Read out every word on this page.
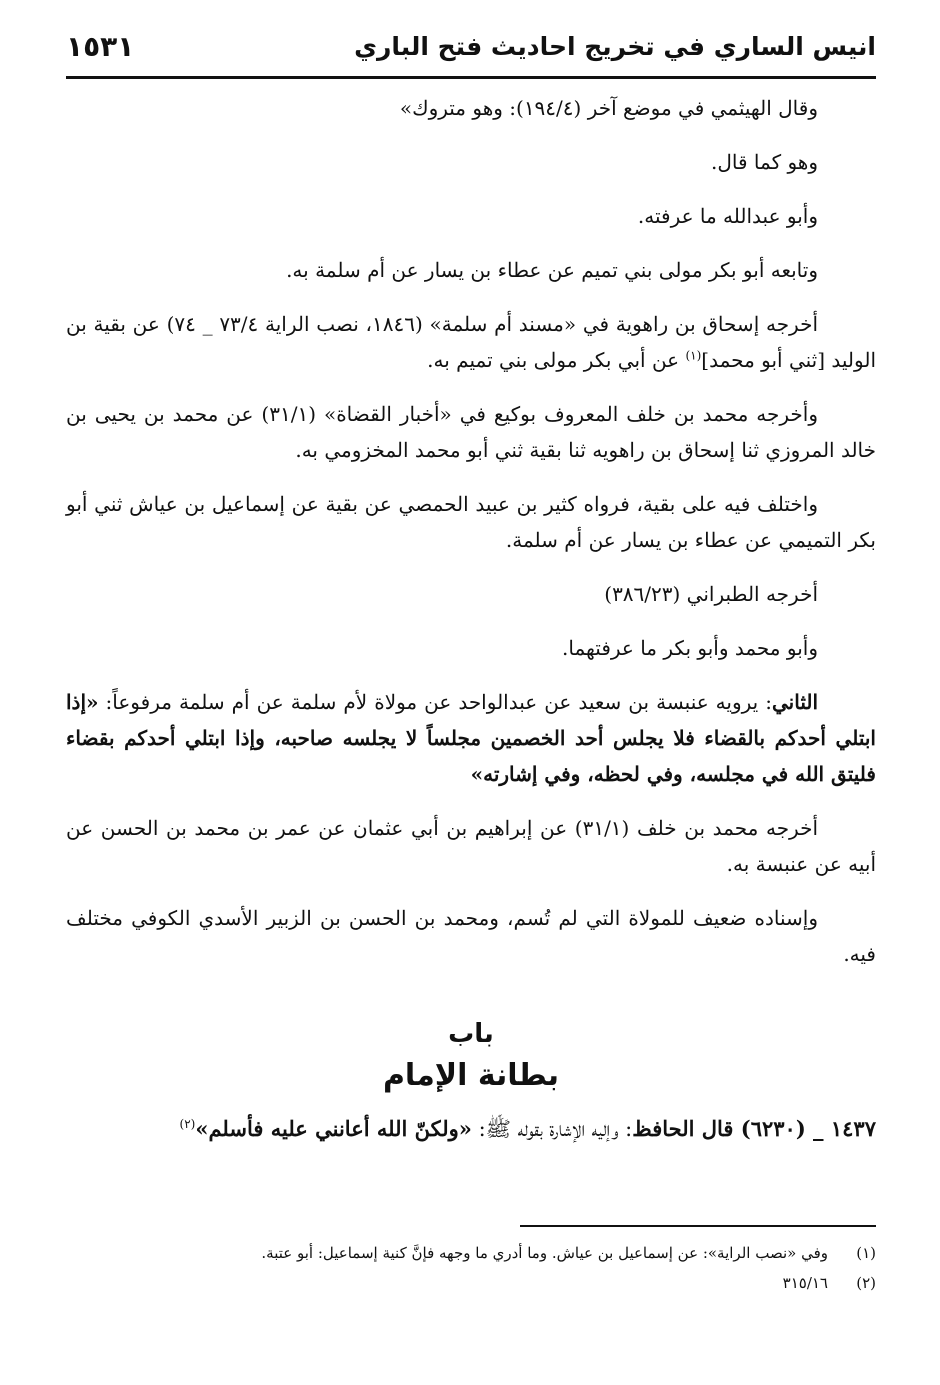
انيس الساري في تخريج احاديث فتح الباري
١٥٣١

وقال الهيثمي في موضع آخر (١٩٤/٤): وهو متروك»

وهو كما قال.

وأبو عبدالله ما عرفته.

وتابعه أبو بكر مولى بني تميم عن عطاء بن يسار عن أم سلمة به.

أخرجه إسحاق بن راهوية في «مسند أم سلمة» (١٨٤٦، نصب الراية ٧٣/٤ _ ٧٤) عن بقية بن الوليد [ثني أبو محمد]$^{(١)}$ عن أبي بكر مولى بني تميم به.

وأخرجه محمد بن خلف المعروف بوكيع في «أخبار القضاة» (٣١/١) عن محمد بن يحيى بن خالد المروزي ثنا إسحاق بن راهويه ثنا بقية ثني أبو محمد المخزومي به.

واختلف فيه على بقية، فرواه كثير بن عبيد الحمصي عن بقية عن إسماعيل بن عياش ثني أبو بكر التميمي عن عطاء بن يسار عن أم سلمة.

أخرجه الطبراني (٣٨٦/٢٣)

وأبو محمد وأبو بكر ما عرفتهما.

الثاني: يرويه عنبسة بن سعيد عن عبدالواحد عن مولاة لأم سلمة عن أم سلمة مرفوعاً: «إذا ابتلي أحدكم بالقضاء فلا يجلس أحد الخصمين مجلساً لا يجلسه صاحبه، وإذا ابتلي أحدكم بقضاء فليتق الله في مجلسه، وفي لحظه، وفي إشارته»

أخرجه محمد بن خلف (٣١/١) عن إبراهيم بن أبي عثمان عن عمر بن محمد بن الحسن عن أبيه عن عنبسة به.

وإسناده ضعيف للمولاة التي لم تُسم، ومحمد بن الحسن بن الزبير الأسدي الكوفي مختلف فيه.

باب
بطانة الإمام
١٤٣٧ _ (٦٢٣٠) قال الحافظ: وإليه الإشارة بقوله ﷺ: «ولكنّ الله أعانني عليه فأسلم»$^{(٢)}$
(١)
وفي «نصب الراية»: عن إسماعيل بن عياش. وما أدري ما وجهه فإنَّ كنية إسماعيل: أبو عتبة.
(٢)
٣١٥/١٦
